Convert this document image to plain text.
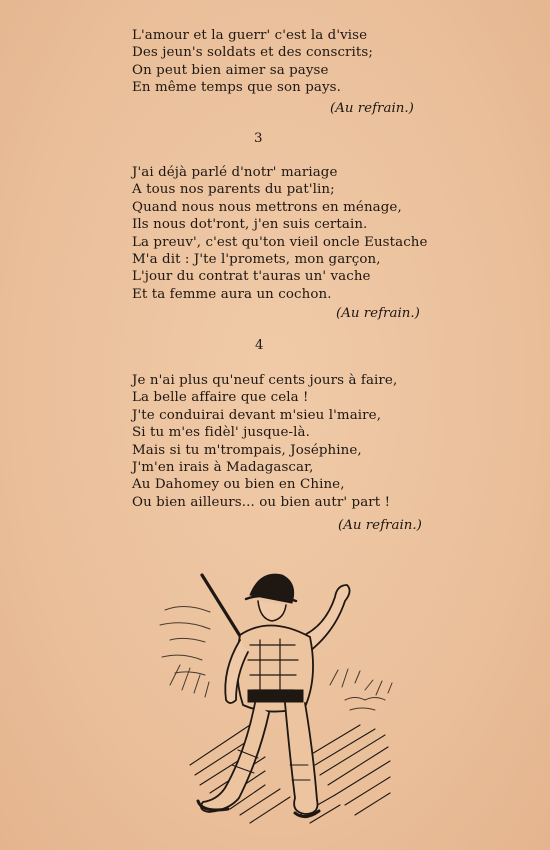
L'amour et la guerr' c'est la d'vise
Des jeun's soldats et des conscrits;
On peut bien aimer sa payse
En même temps que son pays.
(Au refrain.)
3
J'ai déjà parlé d'notr' mariage
A tous nos parents du pat'lin;
Quand nous nous mettrons en ménage,
Ils nous dot'ront, j'en suis certain.
La preuv', c'est qu'ton vieil oncle Eustache
M'a dit : J'te l'promets, mon garçon,
L'jour du contrat t'auras un' vache
Et ta femme aura un cochon.
(Au refrain.)
4
Je n'ai plus qu'neuf cents jours à faire,
La belle affaire que cela !
J'te conduirai devant m'sieu l'maire,
Si tu m'es fidèl' jusque-là.
Mais si tu m'trompais, Joséphine,
J'm'en irais à Madagascar,
Au Dahomey ou bien en Chine,
Ou bien ailleurs... ou bien autr' part !
(Au refrain.)
